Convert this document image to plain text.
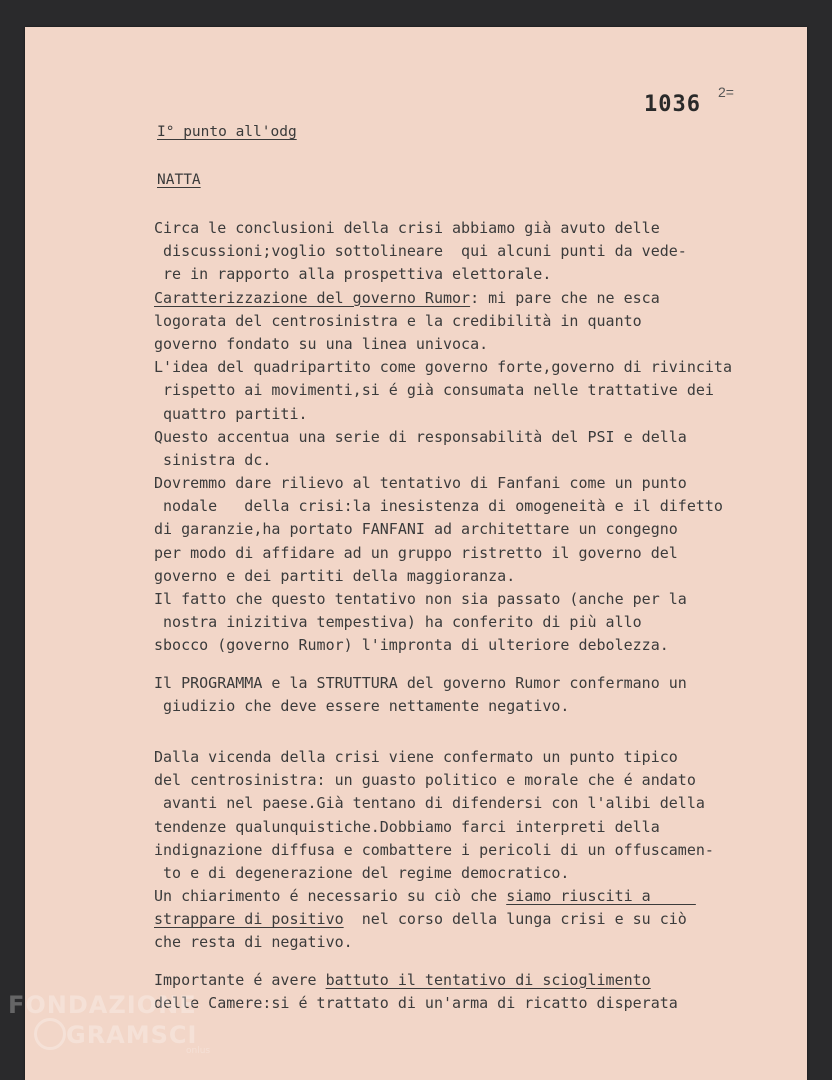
1036 2=
I° punto all'odg
NATTA
Circa le conclusioni della crisi abbiamo già avuto delle
discussioni;voglio sottolineare  qui alcuni punti da vede-
re in rapporto alla prospettiva elettorale.
Caratterizzazione del governo Rumor: mi pare che ne esca
logorata del centrosinistra e la credibilità in quanto
governo fondato su una linea univoca.
L'idea del quadripartito come governo forte,governo di rivincita
rispetto ai movimenti,si é già consumata nelle trattative dei
quattro partiti.
Questo accentua una serie di responsabilità del PSI e della
sinistra dc.
Dovremmo dare rilievo al tentativo di Fanfani come un punto
nodale   della crisi:la inesistenza di omogeneità e il difetto
di garanzie,ha portato FANFANI ad architettare un congegno
per modo di affidare ad un gruppo ristretto il governo del
governo e dei partiti della maggioranza.
Il fatto che questo tentativo non sia passato (anche per la
nostra inizitiva tempestiva) ha conferito di più allo
sbocco (governo Rumor) l'impronta di ulteriore debolezza.
Il PROGRAMMA e la STRUTTURA del governo Rumor confermano un
giudizio che deve essere nettamente negativo.
Dalla vicenda della crisi viene confermato un punto tipico
del centrosinistra: un guasto politico e morale che é andato
avanti nel paese.Già tentano di difendersi con l'alibi della
tendenze qualunquistiche.Dobbiamo farci interpreti della
indignazione diffusa e combattere i pericoli di un offuscamen-
to e di degenerazione del regime democratico.
Un chiarimento é necessario su ciò che siamo riusciti a
strappare di positivo  nel corso della lunga crisi e su ciò
che resta di negativo.
Importante é avere battuto il tentativo di scioglimento
delle Camere:si é trattato di un'arma di ricatto disperata
FONDAZIONE
GRAMSCI
onlus
